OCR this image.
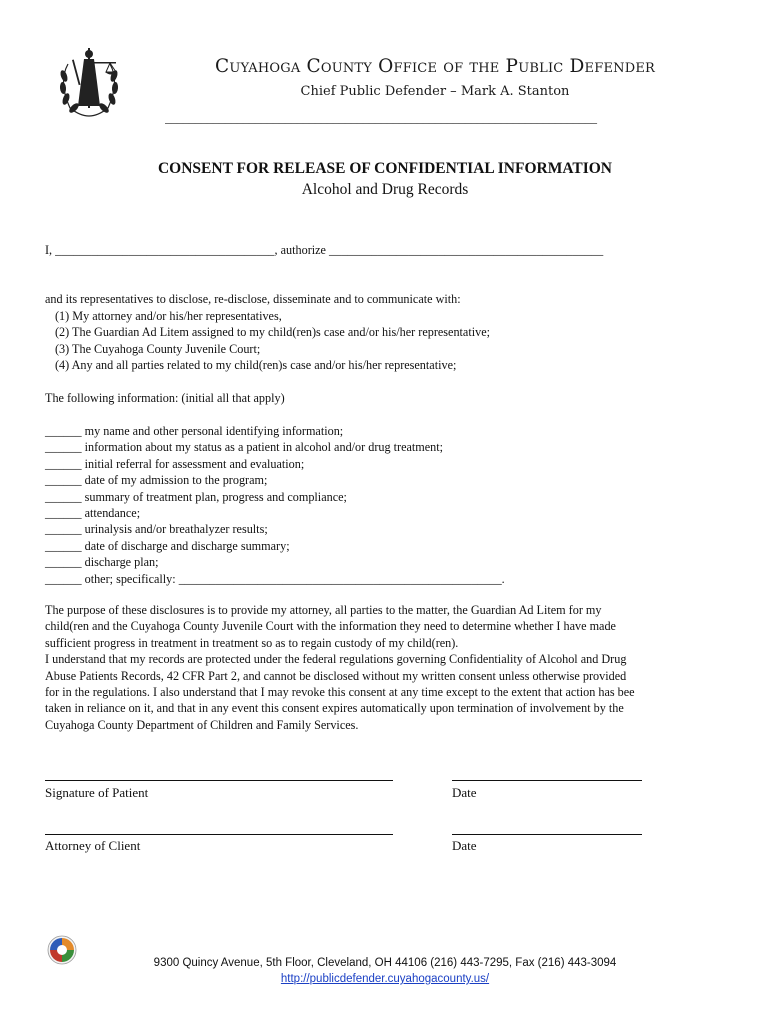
Cuyahoga County Office of the Public Defender
Chief Public Defender – Mark A. Stanton
________________________________________________________________________
CONSENT FOR RELEASE OF CONFIDENTIAL INFORMATION
Alcohol and Drug Records
I, ____________________________________, authorize _____________________________________________
and its representatives to disclose, re-disclose, disseminate and to communicate with:
(1) My attorney and/or his/her representatives,
(2) The Guardian Ad Litem assigned to my child(ren)s case and/or his/her representative;
(3) The Cuyahoga County Juvenile Court;
(4) Any and all parties related to my child(ren)s case and/or his/her representative;
The following information: (initial all that apply)
______ my name and other personal identifying information;
______ information about my status as a patient in alcohol and/or drug treatment;
______ initial referral for assessment and evaluation;
______ date of my admission to the program;
______ summary of treatment plan, progress and compliance;
______ attendance;
______ urinalysis and/or breathalyzer results;
______ date of discharge and discharge summary;
______ discharge plan;
______ other; specifically: _____________________________________________________.
The purpose of these disclosures is to provide my attorney, all parties to the matter, the Guardian Ad Litem for my
child(ren and the Cuyahoga County Juvenile Court with the information they need to determine whether I have made
sufficient progress in treatment in treatment so as to regain custody of my child(ren).
I understand that my records are protected under the federal regulations governing Confidentiality of Alcohol and Drug
Abuse Patients Records, 42 CFR Part 2, and cannot be disclosed without my written consent unless otherwise provided
for in the regulations. I also understand that I may revoke this consent at any time except to the extent that action has bee
taken in reliance on it, and that in any event this consent expires automatically upon termination of involvement by the
Cuyahoga County Department of Children and Family Services.
Signature of Patient	Date
Attorney of Client	Date
9300 Quincy Avenue, 5th Floor, Cleveland, OH 44106 (216) 443-7295, Fax (216) 443-3094
http://publicdefender.cuyahogacounty.us/
